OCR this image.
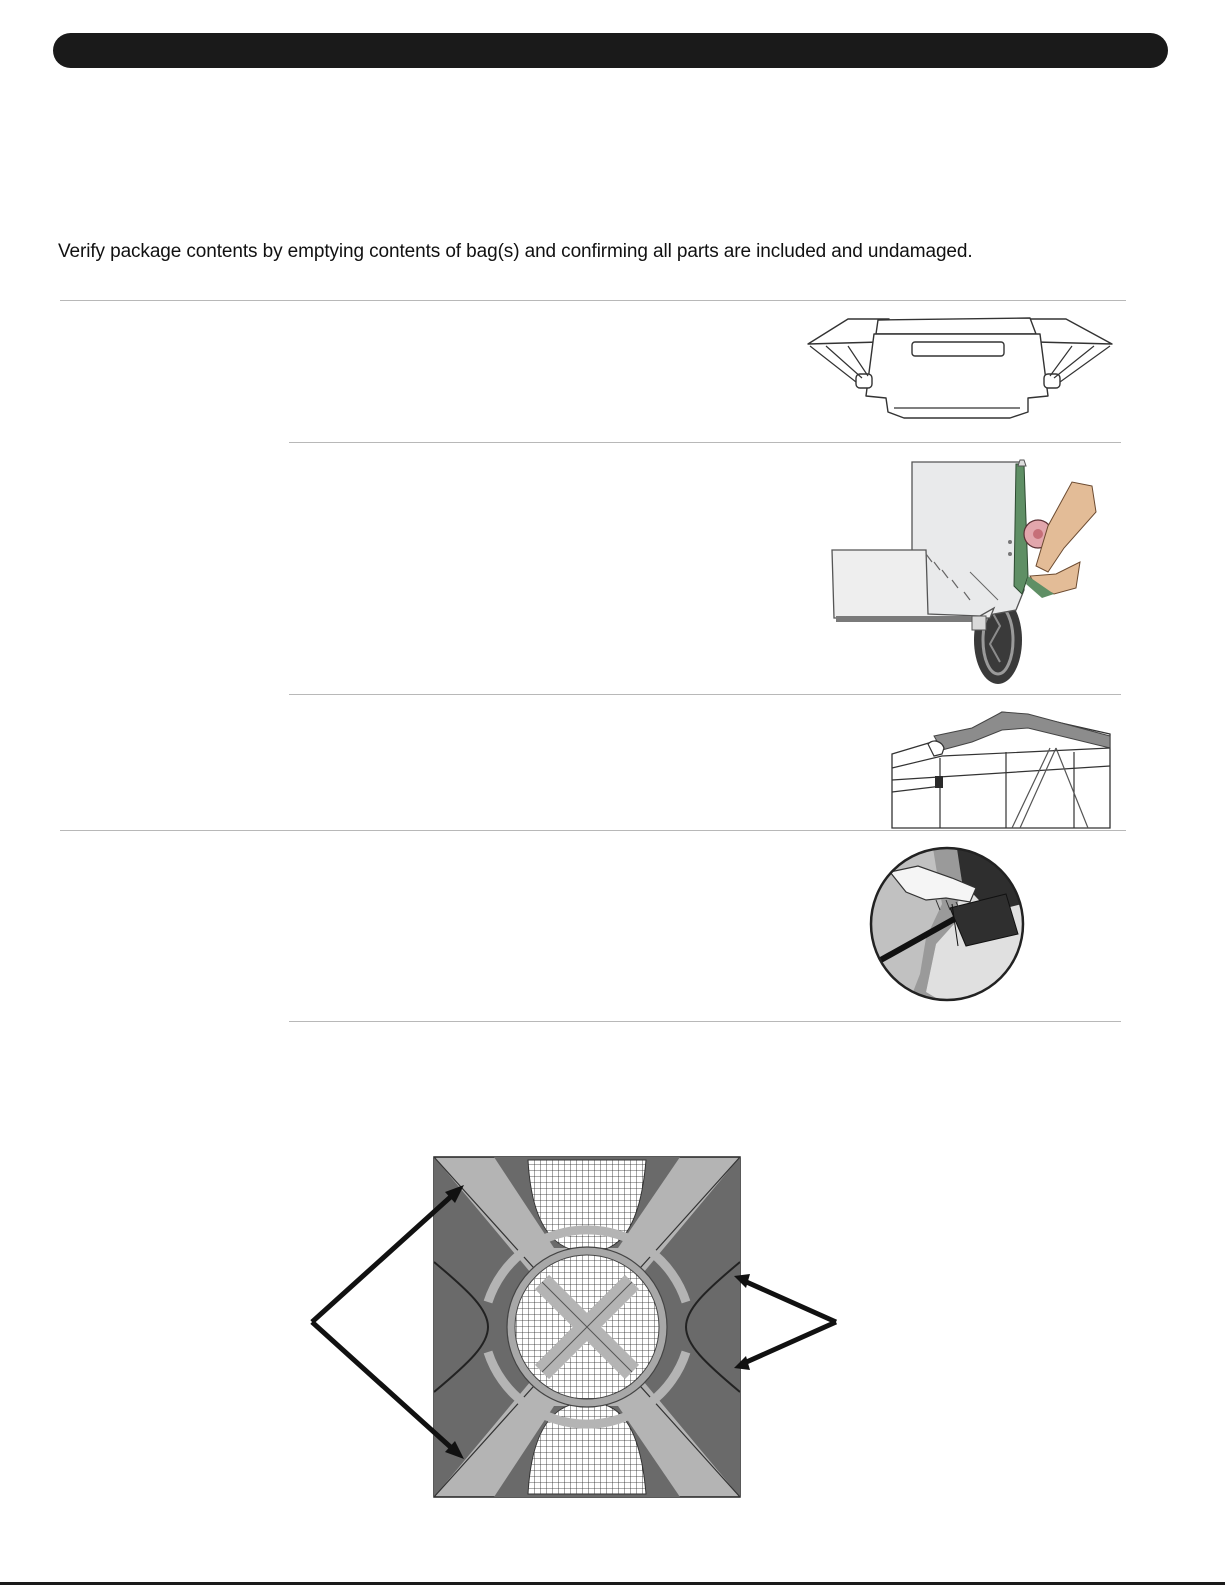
Verify package contents by emptying contents of bag(s) and confirming all parts are included and undamaged.
